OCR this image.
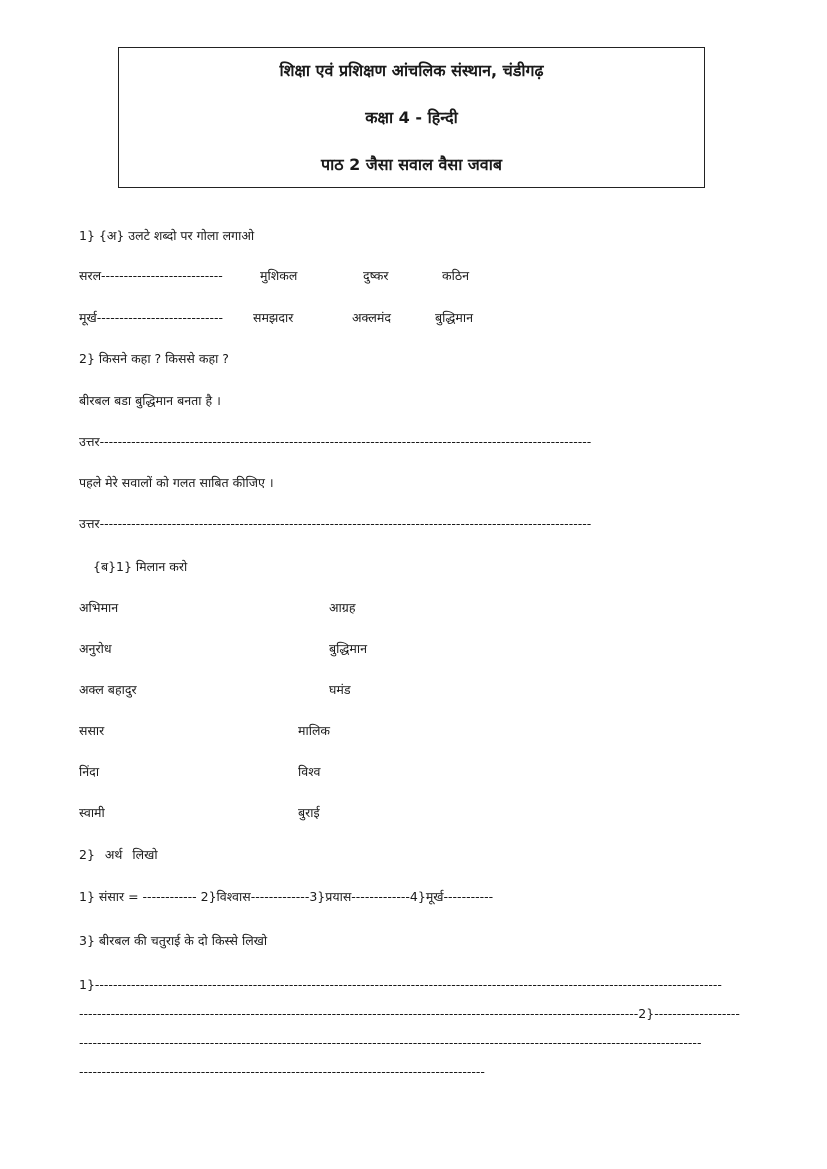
शिक्षा एवं प्रशिक्षण आंचलिक संस्थान, चंडीगढ़
कक्षा 4 - हिन्दी
पाठ 2 जैसा सवाल वैसा जवाब
1} {अ} उलटे शब्दो पर गोला लगाओ
सरल---------------------------	मुशिकल	दुष्कर	कठिन
मूर्ख---------------------------- समझदार	अक्लमंद	बुद्धिमान
2} किसने कहा ? किससे कहा ?
बीरबल बडा बुद्धिमान बनता है ।
उत्तर-------------------------------------------------------------------------------------------------------------
पहले मेरे सवालों को गलत साबित कीजिए ।
उत्तर-------------------------------------------------------------------------------------------------------------
{ब}1} मिलान करो
अभिमान	आग्रह
अनुरोध	बुद्धिमान
अक्ल बहादुर	घमंड
ससार	मालिक
निंदा	विश्व
स्वामी	बुराई
2} अर्थ लिखो
1} संसार = ------------ 2}विश्वास-------------3}प्रयास-------------4}मूर्ख-----------
3} बीरबल की चतुराई के दो किस्से लिखो
1}-------------------------------------------------------------------------------------------------------------------------------------------
----------------------------------------------------------------------------------------------------------------------------2}-------------------
------------------------------------------------------------------------------------------------------------------------------------------
------------------------------------------------------------------------------------------
